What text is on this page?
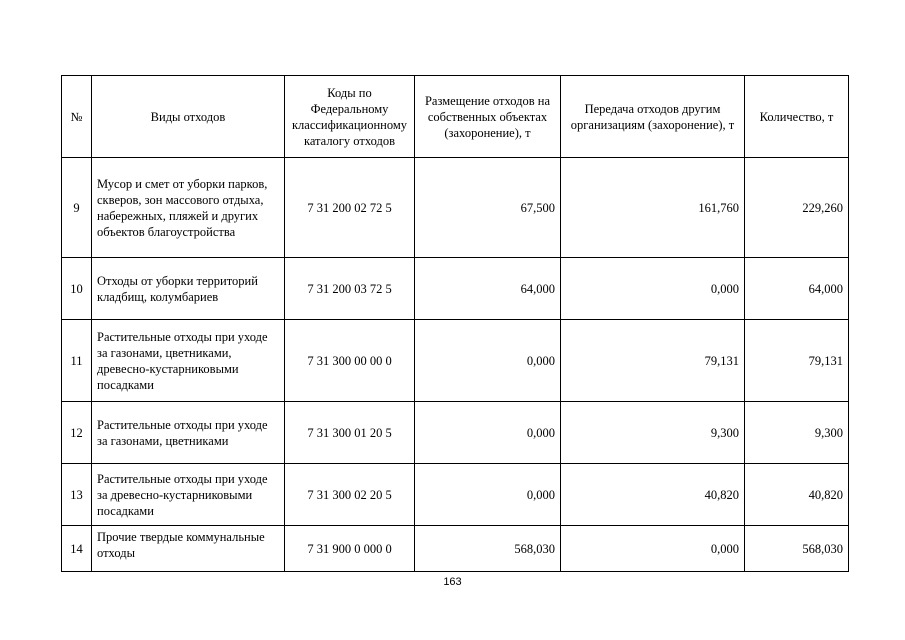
№	Виды отходов	Коды по Федеральному классификационному каталогу отходов	Размещение отходов на собственных объектах (захоронение), т	Передача отходов другим организациям (захоронение), т	Количество, т
9	Мусор и смет от уборки парков, скверов, зон массового отдыха, набережных, пляжей и других объектов благоустройства	7 31 200 02 72 5	67,500	161,760	229,260
10	Отходы от уборки территорий кладбищ, колумбариев	7 31 200 03 72 5	64,000	0,000	64,000
11	Растительные отходы при уходе за газонами, цветниками, древесно-кустарниковыми посадками	7 31 300 00 00 0	0,000	79,131	79,131
12	Растительные отходы при уходе за газонами, цветниками	7 31 300 01 20 5	0,000	9,300	9,300
13	Растительные отходы при уходе за древесно-кустарниковыми посадками	7 31 300 02 20 5	0,000	40,820	40,820
14	Прочие твердые коммунальные отходы	7 31 900 0 000 0	568,030	0,000	568,030
163
